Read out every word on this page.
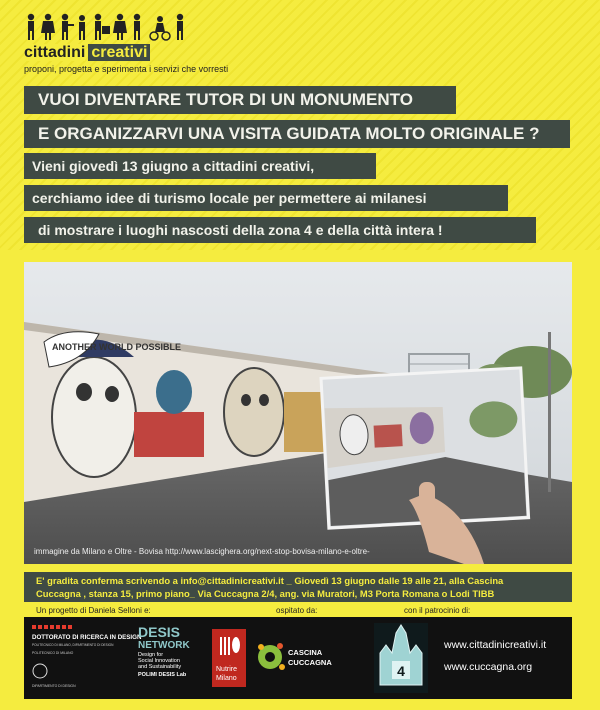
cittadini creativi
proponi, progetta e sperimenta i servizi che vorresti
VUOI DIVENTARE TUTOR DI UN MONUMENTO
E ORGANIZZARVI UNA VISITA GUIDATA MOLTO ORIGINALE ?
Vieni giovedì 13 giugno a cittadini creativi,
cerchiamo idee di turismo locale per permettere ai milanesi
di mostrare i luoghi nascosti della zona 4 e della città intera !
ANOTHER WORLD POSSIBLE
immagine da Milano e Oltre - Bovisa http://www.lascighera.org/next-stop-bovisa-milano-e-oltre-
E' gradita conferma scrivendo a info@cittadinicreativi.it _ Giovedì 13 giugno dalle 19 alle 21, alla Cascina
Cuccagna , stanza 15, primo piano_ Via Cuccagna 2/4, ang. via Muratori, M3 Porta Romana o Lodi TIBB
Un progetto di Daniela Selloni e:	ospitato da:	con il patrocinio di:
DOTTORATO DI RICERCA IN DESIGN
POLITECNICO DI MILANO, DIPARTIMENTO DI DESIGN
POLITECNICO DI MILANO
DIPARTIMENTO DI DESIGN
DESIS
NETWORK
Design for
Social Innovation
and Sustainability
POLIMI DESIS Lab
Nutrire
Milano
CASCINA
CUCCAGNA
4
www.cittadinicreativi.it
www.cuccagna.org
